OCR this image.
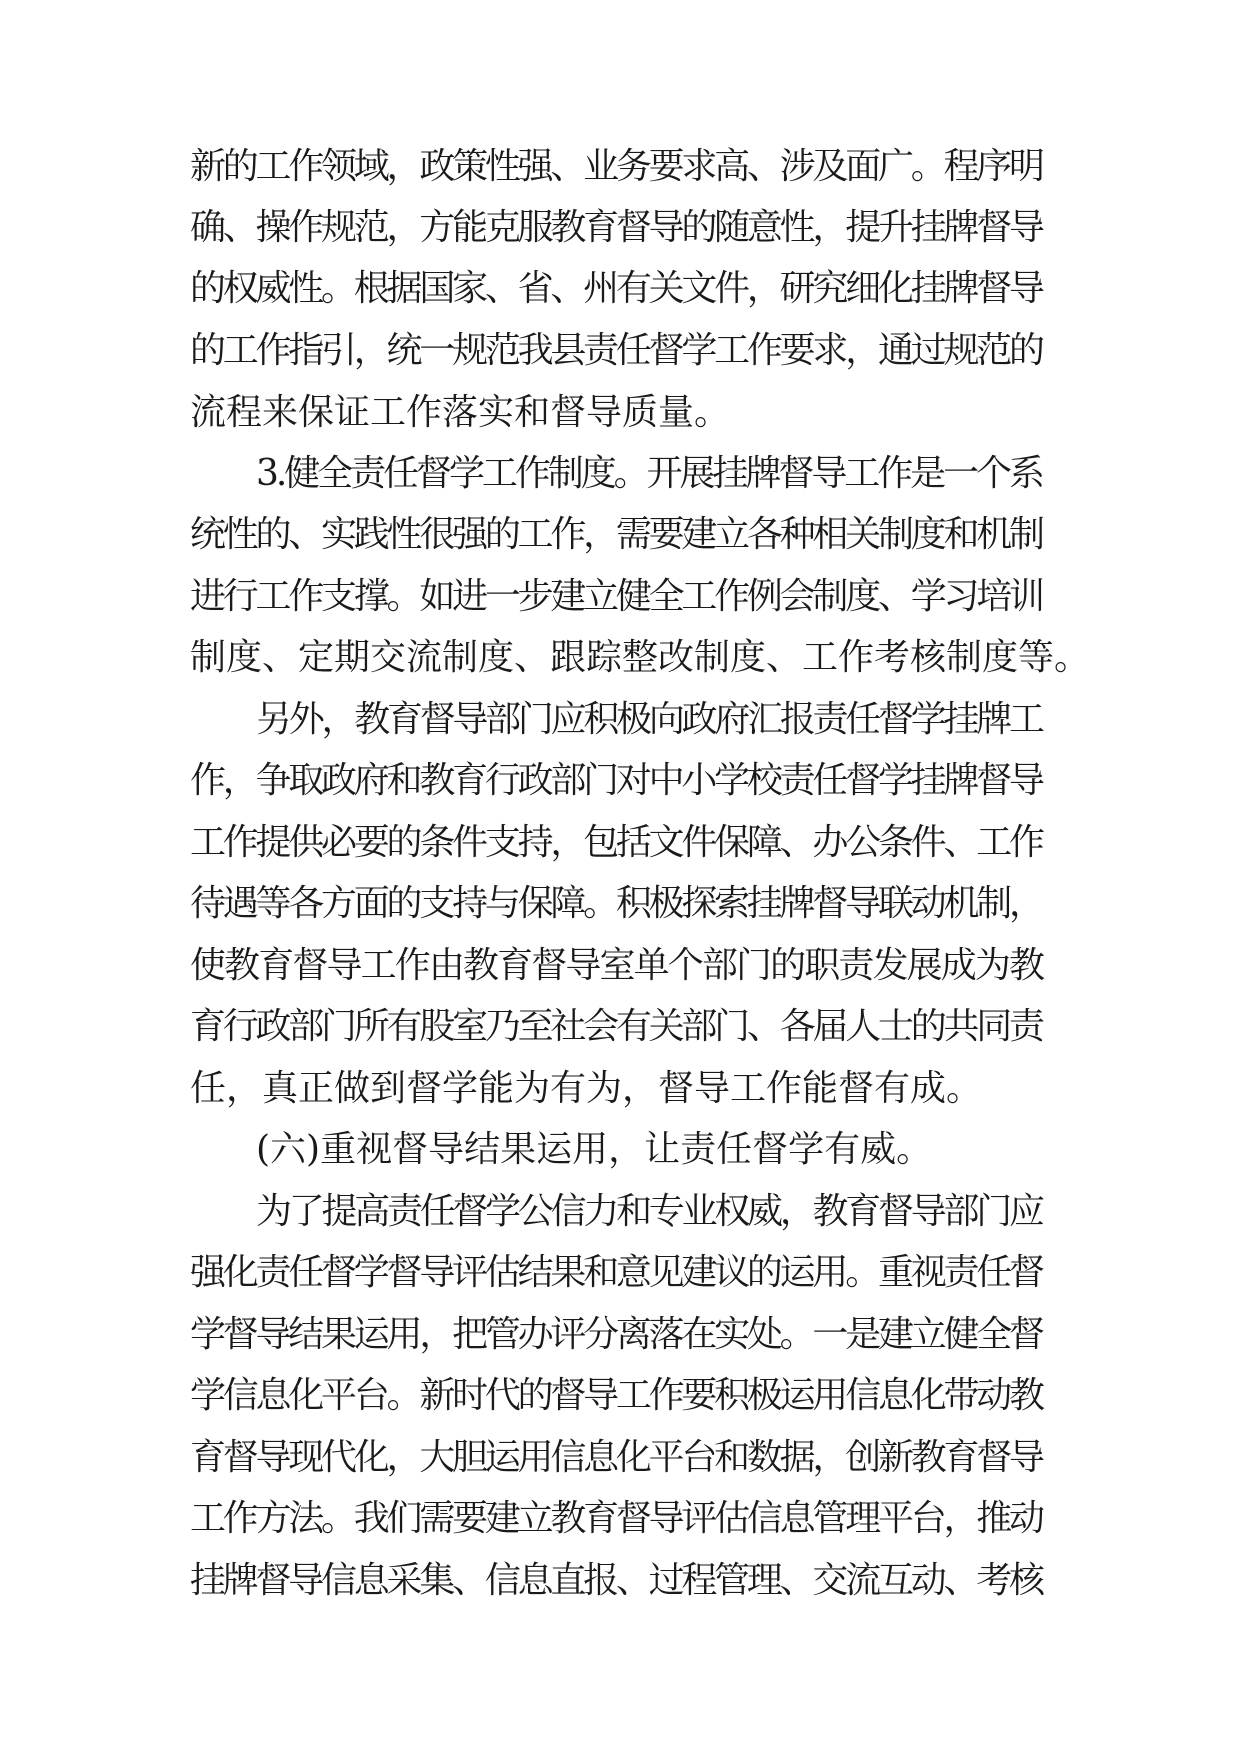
新的工作领域，政策性强、业务要求高、涉及面广。程序明

确、操作规范，方能克服教育督导的随意性，提升挂牌督导

的权威性。根据国家、省、州有关文件，研究细化挂牌督导

的工作指引，统一规范我县责任督学工作要求，通过规范的

流程来保证工作落实和督导质量。

3.健全责任督学工作制度。开展挂牌督导工作是一个系

统性的、实践性很强的工作，需要建立各种相关制度和机制

进行工作支撑。如进一步建立健全工作例会制度、学习培训

制度、定期交流制度、跟踪整改制度、工作考核制度等。

另外，教育督导部门应积极向政府汇报责任督学挂牌工

作，争取政府和教育行政部门对中小学校责任督学挂牌督导

工作提供必要的条件支持，包括文件保障、办公条件、工作

待遇等各方面的支持与保障。积极探索挂牌督导联动机制，

使教育督导工作由教育督导室单个部门的职责发展成为教

育行政部门所有股室乃至社会有关部门、各届人士的共同责

任，真正做到督学能为有为，督导工作能督有成。

(六)重视督导结果运用，让责任督学有威。

为了提高责任督学公信力和专业权威，教育督导部门应

强化责任督学督导评估结果和意见建议的运用。重视责任督

学督导结果运用，把管办评分离落在实处。一是建立健全督

学信息化平台。新时代的督导工作要积极运用信息化带动教

育督导现代化，大胆运用信息化平台和数据，创新教育督导

工作方法。我们需要建立教育督导评估信息管理平台，推动

挂牌督导信息采集、信息直报、过程管理、交流互动、考核
